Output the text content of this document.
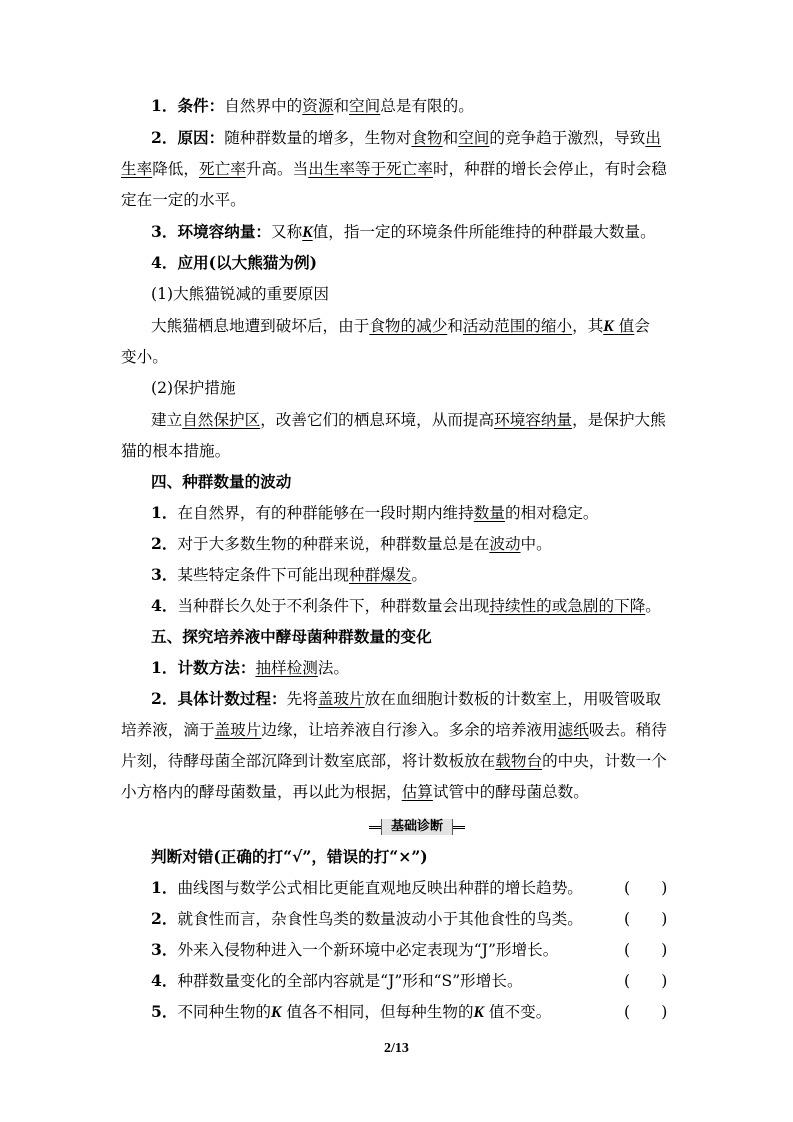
1．条件：自然界中的资源和空间总是有限的。
2．原因：随种群数量的增多，生物对食物和空间的竞争趋于激烈，导致出
生率降低，死亡率升高。当出生率等于死亡率时，种群的增长会停止，有时会稳
定在一定的水平。
3．环境容纳量：又称K值，指一定的环境条件所能维持的种群最大数量。
4．应用(以大熊猫为例)
(1)大熊猫锐减的重要原因
大熊猫栖息地遭到破坏后，由于食物的减少和活动范围的缩小，其K 值会
变小。
(2)保护措施
建立自然保护区，改善它们的栖息环境，从而提高环境容纳量，是保护大熊
猫的根本措施。
四、种群数量的波动
1．在自然界，有的种群能够在一段时期内维持数量的相对稳定。
2．对于大多数生物的种群来说，种群数量总是在波动中。
3．某些特定条件下可能出现种群爆发。
4．当种群长久处于不利条件下，种群数量会出现持续性的或急剧的下降。
五、探究培养液中酵母菌种群数量的变化
1．计数方法：抽样检测法。
2．具体计数过程：先将盖玻片放在血细胞计数板的计数室上，用吸管吸取
培养液，滴于盖玻片边缘，让培养液自行渗入。多余的培养液用滤纸吸去。稍待
片刻，待酵母菌全部沉降到计数室底部，将计数板放在载物台的中央，计数一个
小方格内的酵母菌数量，再以此为根据，估算试管中的酵母菌总数。
基础诊断
判断对错(正确的打“√”，错误的打“×”)
1．曲线图与数学公式相比更能直观地反映出种群的增长趋势。	(　　)
2．就食性而言，杂食性鸟类的数量波动小于其他食性的鸟类。	(　　)
3．外来入侵物种进入一个新环境中必定表现为“J”形增长。	(　　)
4．种群数量变化的全部内容就是“J”形和“S”形增长。	(　　)
5．不同种生物的K 值各不相同，但每种生物的K 值不变。	(　　)
2/13
